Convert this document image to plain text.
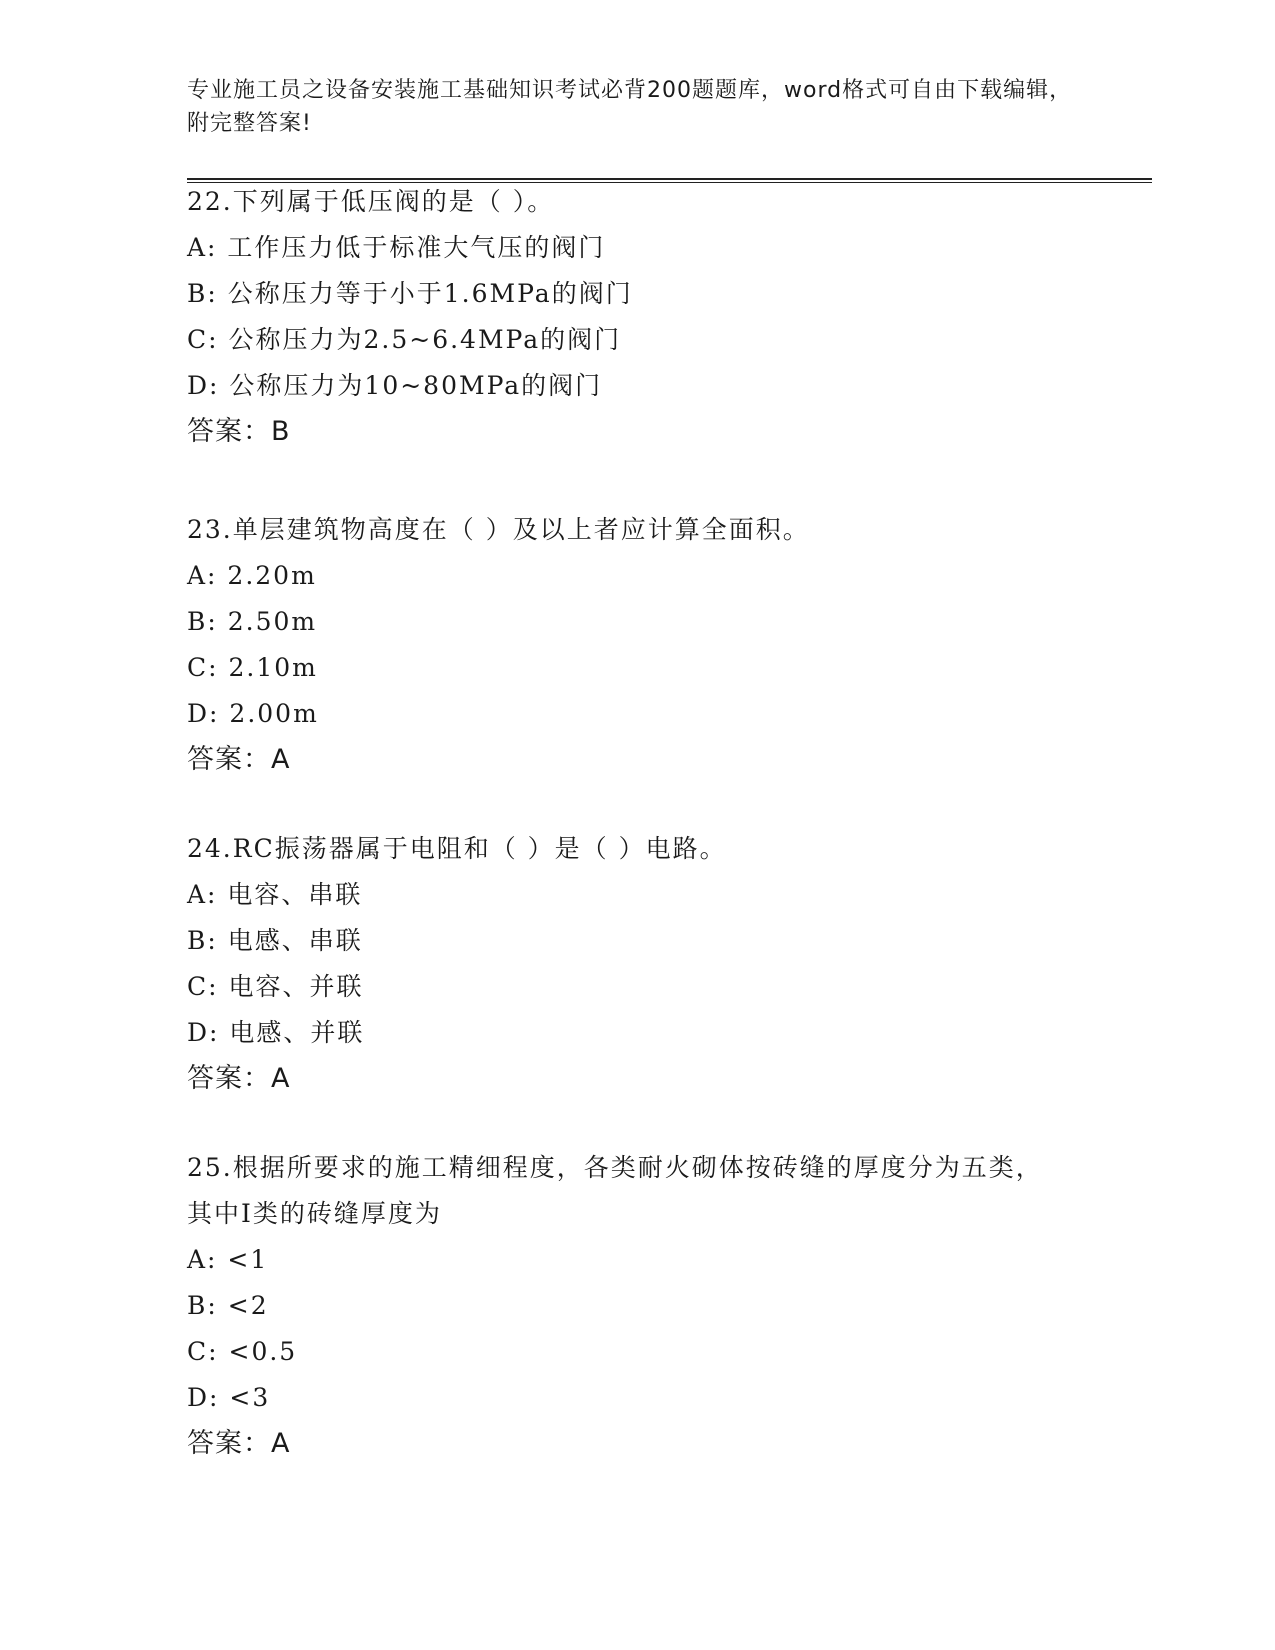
专业施工员之设备安装施工基础知识考试必背200题题库，word格式可自由下载编辑，附完整答案!
22.下列属于低压阀的是（ ）。
A: 工作压力低于标准大气压的阀门
B: 公称压力等于小于1.6MPa的阀门
C: 公称压力为2.5~6.4MPa的阀门
D: 公称压力为10~80MPa的阀门
答案：B
23.单层建筑物高度在（ ）及以上者应计算全面积。
A: 2.20m
B: 2.50m
C: 2.10m
D: 2.00m
答案：A
24.RC振荡器属于电阻和（ ）是（ ）电路。
A: 电容、串联
B: 电感、串联
C: 电容、并联
D: 电感、并联
答案：A
25.根据所要求的施工精细程度，各类耐火砌体按砖缝的厚度分为五类，其中I类的砖缝厚度为
A: <1
B: <2
C: <0.5
D: <3
答案：A
